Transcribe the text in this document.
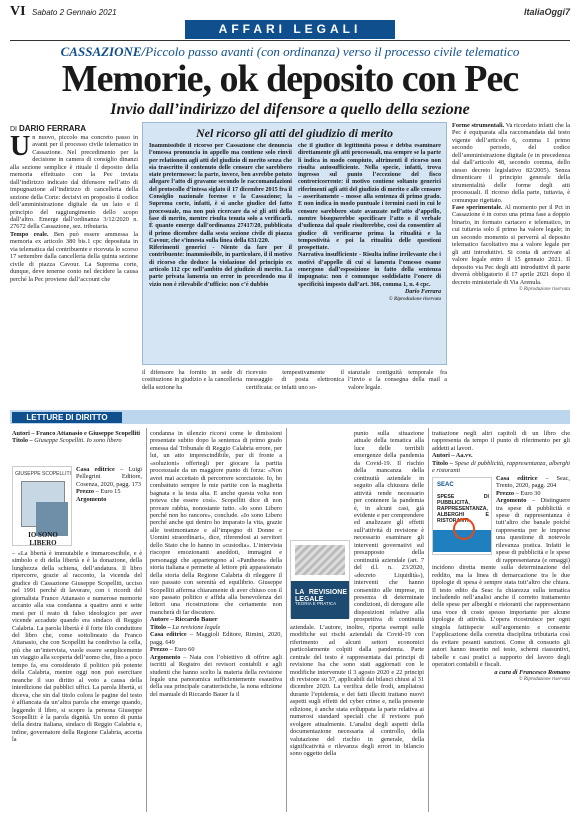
VI Sabato 2 Gennaio 2021	ItaliaOggi7
AFFARI LEGALI
CASSAZIONE/Piccolo passo avanti (con ordinanza) verso il processo civile telematico
Memorie, ok deposito con Pec
Invio dall’indirizzo del difensore a quello della sezione
DI DARIO FERRARA

Un nuovo, piccolo ma concreto passo in avanti per il processo civile telematico in Cassazione. Nel precedimento per la decisione in camera di consiglio dinanzi alla sezione semplice è ritualе il deposito della memoria effettuato con la Pec inviata dall’indirizzo indicato dal difensore nell’atto di impugnazione all’indirizzo di cancelleria della sezione della Corte: decisivi en proposito il codice dell’amministrazione digitale da un lato e il principio del raggiungimento dello scopo dall’altro. Emerge dall’ordinanza 3/12/2020 n. 27672 della Cassazione, sez. tributaria.

Tempo reale. Ben può essere ammessa la memoria ex articolo 380 bis.1 cpc depositata in via telematica dal contribuente e ricevuta lo scorso 17 settembre dalla cancelleria della quinta sezione civile di piazza Cavour. La Suprema corte, dunque, deve tenerne conto nel decidere la causa perché la Pec proviene dall’account che

Nel ricorso gli atti del giudizio di merito

Inammissibile il ricorso per Cassazione che denuncia l’omessa pronuncia in appello ma contiene solo rinvii per relationem agli atti del giudizio di merito senza che sia trascritto il contenuto delle censure che sarebbero state pretermesse: la parte, invece, ben avrebbe potuto allegare l’atto di gravame secondo le raccomandazioni del protocollo d’intesa siglato il 17 dicembre 2015 fra il Consiglio nazionale forense e la Cassazione; la Suprema corte, infatti, è si anche giudice del fatto processuale, ma non può ricercare da sé gli atti della fase di merito, mentre risulta tenuta solo a verificarli. È quanto emerge dall’ordinanza 27417/20, pubblicata il primo dicembre dalla sesta sezione civile di piazza Cavour, che s’innesta sulla linea della 631/220.

Riferimenti generici - Niente da fare per il contribuente: inammissibile, in particolare, il il motivo di ricorso che deduce la violazione del principio ex articolo 112 cpc nell’ambito del giudizio di merito. La parte privata lamenta un error in procedendo ma il vizio non è rilevabile d’ufficio: non c’è dubbio

che il giudice di legittimità possa e debba esaminare direttamente gli atti processuali, ma sempre se la parte li indica in modo compiuto, altrimenti il ricorso non risulta autosufficiente. Nella specie, infatti, trova ingresso sul punto l’eccezione del fisco controricorrente: il motivo contiene soltanto generici riferimenti agli atti del giudizio di merito e alle censure – asseritamente – mosse alla sentenza di primo grado. E non indica in modo puntuale i termini casti in cui le censure sarebbero state avanzate nell’atto d’appello, mentre bisognerebbe specificare l’atto o il verbale d’udienza dal quale risulterebbe, così da consentire al giudice di verificarne prima la ritualità e la tempestività e poi la ritualità delle questioni prospettate.

Narrativa insufficiente - Risulta infine irrilevante che i motivi d’appello di cui si lamenta l’omesso esame emergono dall’esposizione in fatto della sentenza impugnata: non è comunque soddisfatto l’onere di specificità imposto dall’art. 366, comma 1, n. 4 cpc.

Dario Ferrara

© Riproduzione riservata

il difensore ha fornito in sede di costituzione in giudizio e la cancelleria della sezione ha
ricevuto tempestivamente il messaggio di posta elettronica certificata: ce infatti uno so-
stanziale contiguità temporale fra l’invio e la consegna della mail a valore legale.

Forme strumentali. Va ricordato infatti che la Pec è equiparata alla raccomandata dal testo vigente dell’articolo 6, comma 1 primo secondo periodo, del codice dell’amministrazione digitale (e in precedenza dal dall’articolo 48, secondo comma, dello stesso decreto legislativo 82/2005). Senza dimenticare il principio generale della strumentalità delle forme degli atti processuali. Il ricorso della parte, tuttavia, è comunque rigettato.

Fase sperimentale. Al momento per il Pct in Cassazione è in corso una prima fase a doppio binario, in formato cartaceo e telematico, in cui tuttavia solo il primo ha valore legale; in un secondo momento si perverrà al deposito telematico facoltativo ma a valore legale per gli atti introduttivi. Si conta di arrivare al valore legale entro il 15 gennaio 2021. Il deposito via Pec degli atti introduttivi di parte diverrà obbligatorio il 17 aprile 2021 dopo il decreto ministeriale di Via Arenula.

© Riproduzione riservata

LETTURE DI DIRITTO
GIUSEPPE SCOPELLITI
IO SONO LIBERO

Autori – Franco Attanasio e Giuseppe Scopelliti

Titolo – Giuseppe Scopelliti. Io sono libero

Casa editrice – Luigi Pellegrini Editore, Cosenza, 2020, pagg. 173

Prezzo – Euro 15

Argomento

– «La libertà è immutabile e immarcescibile, e è simbolo e di della libertà e è la donazione, della lunghezza della schiena, dell’andatura. Il libro ripercorre, grazie al racconto, la vicenda del giudice di Cassazione Giuseppe Scopelliti, ucciso nel 1991 perché di lavorare, con i ricordi del giornalista Franco Attanasio e numerose memorie accanto alla sua condanna a quattro anni e sette mesi per il reato di falso ideologico per aver vicende accadute quando era sindaco di Reggio Calabria. La parola libertà è il forte filo conduttore del libro che, come sottolineato da Franco Attanasio, che con Scopelliti ha condiviso la cella, più che un’intervista, vuole essere semplicemente un viaggio alla scoperta dell’uomo che, fino a poco tempo fa, era considerato il politico più potente della Calabria, mentre oggi non può esercitare neanche il suo diritto al voto a causa della interdizione dai pubblici uffici. La parola libertà, si diceva, che sin dal titolo colora le pagine del testo è affiancata da un’altra parola che emerge quando, leggendo il libro, si scopre la persona Giuseppe Scopelliti: è la parola dignità. Un uomo di punta della destra italiana, sindaco di Reggio Calabria e, infine, governatore della Regione Calabria, accetta la

condanna in silenzio ricorsi come le dimissioni presentate subito dopo la sentenza di primo grado emessa dal Tribunale di Reggio Calabria errore, per lui, un atto imprescindibile, pur di fronte a «soluzioni» offertegli per giocare la partita processuale da un maggiore punto di forza: «Non avrei mai accettato di percorrere scorciatoie. Io, ho combattuto sempre le mie partite con la maglietta bagnata e la testa alta. E anche questa volta non poteva che essere così». Scopelliti dice di non provare rabbia, nonostante tutto. «Io sono Libero perché non ho rancore», conclude. «Io sono Libero perché anche qui dentro ho imparato la vita, grazie alle testimonianze e all’impegno di Donne e Uomini straordinari», dice, riferendosi ai servitori dello Stato che lo hanno in «custodia». L’intervista riscopre emozionanti aneddoti, immagini e personaggi che appartengono al «Pantheon» della storia italiana e permette al lettore più appassionato della storia della Regione Calabria di rileggere il suo passato con serenità ed equilibrio. Giuseppe Scopelliti afferma chiaramente di aver chiuso con il suo passato politico e affida alla benevolenza dei lettori una ricostruzione che certamente non mancherà di far discutere.

Autore – Riccardo Bauer

Titolo – La revisione legale

Casa editrice – Maggioli Editore, Rimini, 2020, pagg. 649

Prezzo – Euro 60

Argomento – Nata con l’obiettivo di offrire agli iscritti al Registro dei revisori contabili e agli studenti che hanno scelto la materia della revisione legale una panoramica sufficientemente esaustiva della sua principale caratteristiche, la nona edizione del manuale di Riccardo Bauer fa il

LA REVISIONE LEGALE
TEORIA E PRATICA

punto sulla situazione attuale della tematica alla luce delle terribili emergenze della pandemia da Covid-19. Il rischio della mancanza della continuità aziendale in seguito alla chiusura delle attività rende necessario per contenere la pandemia è, in alcuni casi, già evidente e per comprendere ed analizzare gli effetti sull’attività di revisione è necessario esaminare gli interventi governativi sul presupposto della continuità aziendale (art. 7 del d.l. n. 23/2020, «decreto Liquidità»), interventi che hanno consentito alle imprese, in presenza di determinate condizioni, di derogare alle disposizioni relative alla prospettiva di continuità aziendale. L’autore, inoltre, riporta esempi sulle modifiche sui rischi aziendali da Covid-19 con riferimento ad alcuni settori economici particolarmente colpiti dalla pandemia. Parte centrale del testo è rappresentata dai principi di revisione Isa che sono stati aggiornati con le modifiche intervenute il 3 agosto 2020 e 22 principi di revisione su 37, applicabili dai bilanci chiusi al 31 dicembre 2020. La verifica delle frodi, ampliatosi durante l’epidemia, e dei fatti illeciti trattano nuovi aspetti sugli effetti del cyber crime e, nella presente edizione, è anche stata sviluppata la parte relativa ai numerosi standard speciali che il revisore può svolgere attualmente. L’analisi degli aspetti della documentazione necessaria al controllo, della valutazione del rischio in generale, della significatività e rilevanza degli errori in bilancio sono oggetto della

trattazione negli altri capitoli di un libro che rappresenta da tempo il punto di riferimento per gli addetti ai lavori.

Autori – Aa.vv.

Titolo – Spese di pubblicità, rappresentanza, alberghi e ristoranti

SEAC
SPESE DI PUBBLICITÀ, RAPPRESENTANZA, ALBERGHI E RISTORANTI

Casa editrice – Seac, Trento, 2020, pagg. 204

Prezzo – Euro 30

Argomento – Distinguere tra spese di pubblicità e spese di rappresentanza è tutt’altro che banale poiché rappresenta per le imprese una questione di notevole rilevanza pratica. Infatti le spese di pubblicità e le spese di rappresentanza (e omaggi) incidono diretta mente sulla determinazione del reddito, ma la linea di demarcazione tra le due tipologie di spesa è sempre stata tutt’altro che chiara. Il testo edito da Seac fa chiarezza sulla tematica includendo nell’analisi anche il corretto trattamento delle spese per alberghi e ristoranti che rappresentano una voce di costo spesso importante per alcune tipologie di attività. L’opera ricostruisce per ogni singola fattispecie sull’argomento e consente l’applicazione della corretta disciplina tributaria così da evitare pesanti sanzioni. Come di consueto gli autori hanno inserito nel testo, schemi riassuntivi, tabelle e casi pratici a supporto del lavoro degli operatori contabili e fiscali.

a cura di Francesco Romano

© Riproduzione riservata
